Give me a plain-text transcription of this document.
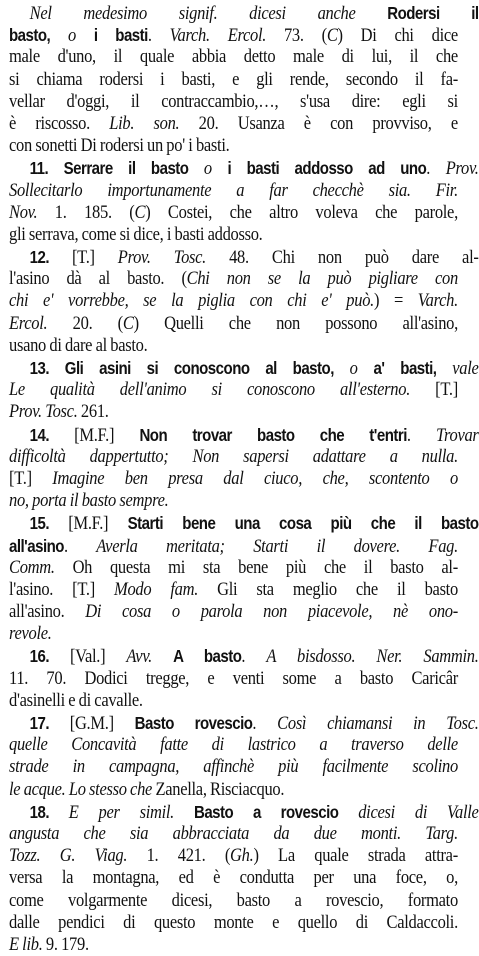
Nel medesimo signif. dicesi anche Rodersi il
basto, o i basti. Varch. Ercol. 73. (C) Di chi dice
male d'uno, il quale abbia detto male di lui, il che
si chiama rodersi i basti, e gli rende, secondo il fa-
vellar d'oggi, il contraccambio,…, s'usa dire: egli si
è riscosso. Lib. son. 20. Usanza è con provviso, e
con sonetti Di rodersi un po' i basti.
11. Serrare il basto o i basti addosso ad uno. Prov.
Sollecitarlo importunamente a far checchè sia. Fir.
Nov. 1. 185. (C) Costei, che altro voleva che parole,
gli serrava, come si dice, i basti addosso.
12. [T.] Prov. Tosc. 48. Chi non può dare al-
l'asino dà al basto. (Chi non se la può pigliare con
chi e' vorrebbe, se la piglia con chi e' può.) = Varch.
Ercol. 20. (C) Quelli che non possono all'asino,
usano di dare al basto.
13. Gli asini si conoscono al basto, o a' basti, vale
Le qualità dell'animo si conoscono all'esterno. [T.]
Prov. Tosc. 261.
14. [M.F.] Non trovar basto che t'entri. Trovar
difficoltà dappertutto; Non sapersi adattare a nulla.
[T.] Imagine ben presa dal ciuco, che, scontento o
no, porta il basto sempre.
15. [M.F.] Starti bene una cosa più che il basto
all'asino. Averla meritata; Starti il dovere. Fag.
Comm. Oh questa mi sta bene più che il basto al-
l'asino. [T.] Modo fam. Gli sta meglio che il basto
all'asino. Di cosa o parola non piacevole, nè ono-
revole.
16. [Val.] Avv. A basto. A bisdosso. Ner. Sammin.
11. 70. Dodici tregge, e venti some a basto Caricâr
d'asinelli e di cavalle.
17. [G.M.] Basto rovescio. Così chiamansi in Tosc.
quelle Concavità fatte di lastrico a traverso delle
strade in campagna, affinchè più facilmente scolino
le acque. Lo stesso che Zanella, Risciacquo.
18. E per simil. Basto a rovescio dicesi di Valle
angusta che sia abbracciata da due monti. Targ.
Tozz. G. Viag. 1. 421. (Gh.) La quale strada attra-
versa la montagna, ed è condutta per una foce, o,
come volgarmente dicesi, basto a rovescio, formato
dalle pendici di questo monte e quello di Caldaccoli.
E lib. 9. 179.
